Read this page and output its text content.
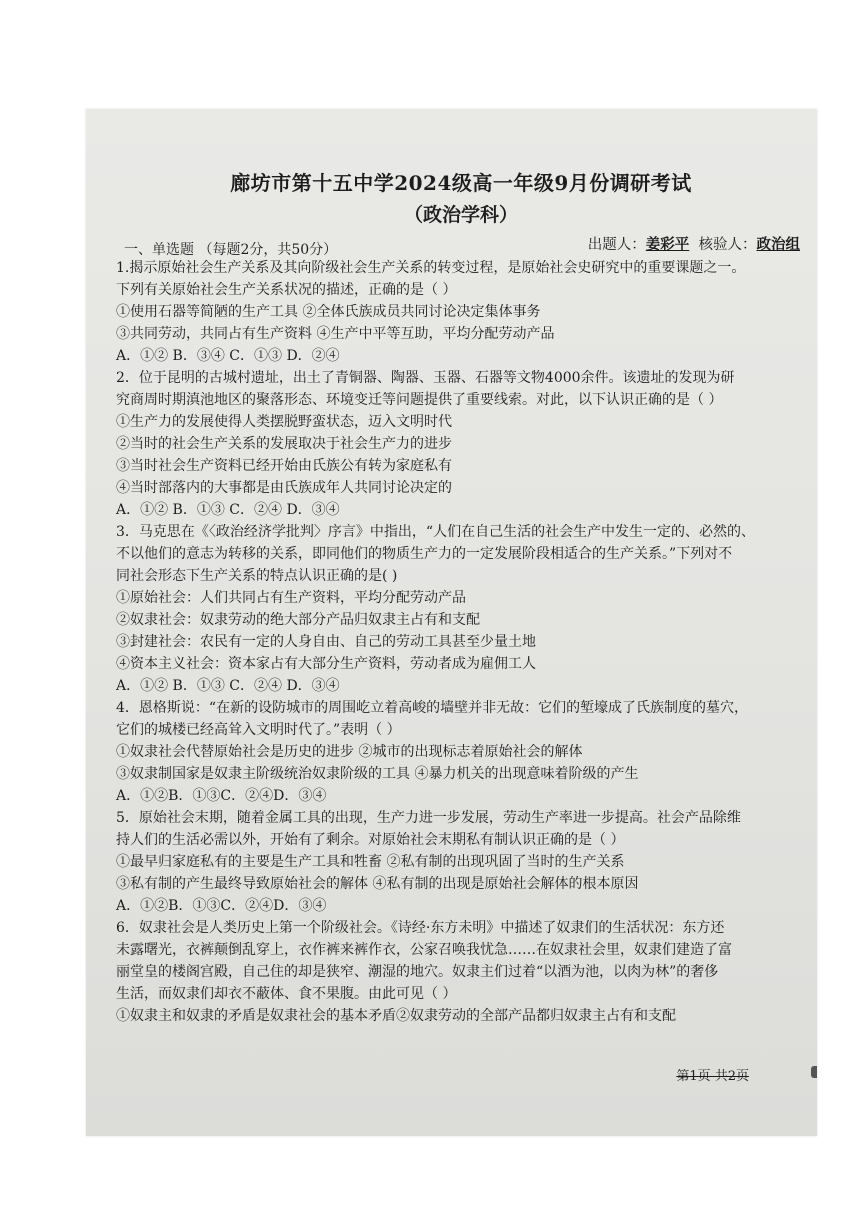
廊坊市第十五中学2024级高一年级9月份调研考试
（政治学科）
一、单选题 （每题2分，共50分）	出题人：姜彩平 核验人：政治组

1.揭示原始社会生产关系及其向阶级社会生产关系的转变过程，是原始社会史研究中的重要课题之一。

下列有关原始社会生产关系状况的描述，正确的是（ ）

①使用石器等简陋的生产工具 ②全体氏族成员共同讨论决定集体事务

③共同劳动，共同占有生产资料 ④生产中平等互助，平均分配劳动产品

A．①② B．③④ C．①③ D．②④

2．位于昆明的古城村遗址，出土了青铜器、陶器、玉器、石器等文物4000余件。该遗址的发现为研

究商周时期滇池地区的聚落形态、环境变迁等问题提供了重要线索。对此，以下认识正确的是（ ）

①生产力的发展使得人类摆脱野蛮状态，迈入文明时代

②当时的社会生产关系的发展取决于社会生产力的进步

③当时社会生产资料已经开始由氏族公有转为家庭私有

④当时部落内的大事都是由氏族成年人共同讨论决定的

A．①② B．①③ C．②④ D．③④

3．马克思在《〈政治经济学批判〉序言》中指出，“人们在自己生活的社会生产中发生一定的、必然的、

不以他们的意志为转移的关系，即同他们的物质生产力的一定发展阶段相适合的生产关系。”下列对不

同社会形态下生产关系的特点认识正确的是( )

①原始社会：人们共同占有生产资料，平均分配劳动产品

②奴隶社会：奴隶劳动的绝大部分产品归奴隶主占有和支配

③封建社会：农民有一定的人身自由、自己的劳动工具甚至少量土地

④资本主义社会：资本家占有大部分生产资料，劳动者成为雇佣工人

A．①② B．①③ C．②④ D．③④

4．恩格斯说：“在新的设防城市的周围屹立着高峻的墙壁并非无故：它们的堑壕成了氏族制度的墓穴，

它们的城楼已经高耸入文明时代了。”表明（ ）

①奴隶社会代替原始社会是历史的进步 ②城市的出现标志着原始社会的解体

③奴隶制国家是奴隶主阶级统治奴隶阶级的工具 ④暴力机关的出现意味着阶级的产生

A．①②B．①③C．②④D．③④

5．原始社会末期，随着金属工具的出现，生产力进一步发展，劳动生产率进一步提高。社会产品除维

持人们的生活必需以外，开始有了剩余。对原始社会末期私有制认识正确的是（ ）

①最早归家庭私有的主要是生产工具和牲畜 ②私有制的出现巩固了当时的生产关系

③私有制的产生最终导致原始社会的解体 ④私有制的出现是原始社会解体的根本原因

A．①②B．①③C．②④D．③④

6．奴隶社会是人类历史上第一个阶级社会。《诗经·东方未明》中描述了奴隶们的生活状况：东方还

未露曙光，衣裤颠倒乱穿上，衣作裤来裤作衣，公家召唤我忧急……在奴隶社会里，奴隶们建造了富

丽堂皇的楼阁宫殿，自己住的却是狭窄、潮湿的地穴。奴隶主们过着“以酒为池，以肉为林”的奢侈

生活，而奴隶们却衣不蔽体、食不果腹。由此可见（ ）

①奴隶主和奴隶的矛盾是奴隶社会的基本矛盾②奴隶劳动的全部产品都归奴隶主占有和支配

第1页 共2页
